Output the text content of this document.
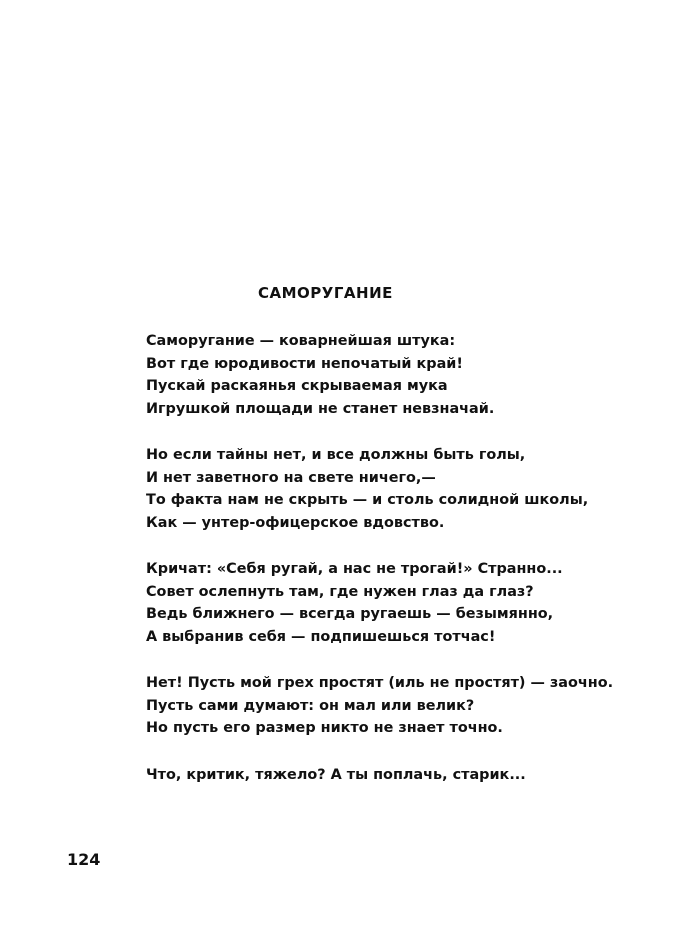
САМОРУГАНИЕ
Саморугание — коварнейшая штука:
Вот где юродивости непочатый край!
Пускай раскаянья скрываемая мука
Игрушкой площади не станет невзначай.
Но если тайны нет, и все должны быть голы,
И нет заветного на свете ничего,—
То факта нам не скрыть — и столь солидной школы,
Как — унтер-офицерское вдовство.
Кричат: «Себя ругай, а нас не трогай!» Странно...
Совет ослепнуть там, где нужен глаз да глаз?
Ведь ближнего — всегда ругаешь — безымянно,
А выбранив себя — подпишешься тотчас!
Нет! Пусть мой грех простят (иль не простят) — заочно.
Пусть сами думают: он мал или велик?
Но пусть его размер никто не знает точно.
Что, критик, тяжело? А ты поплачь, старик...
124
